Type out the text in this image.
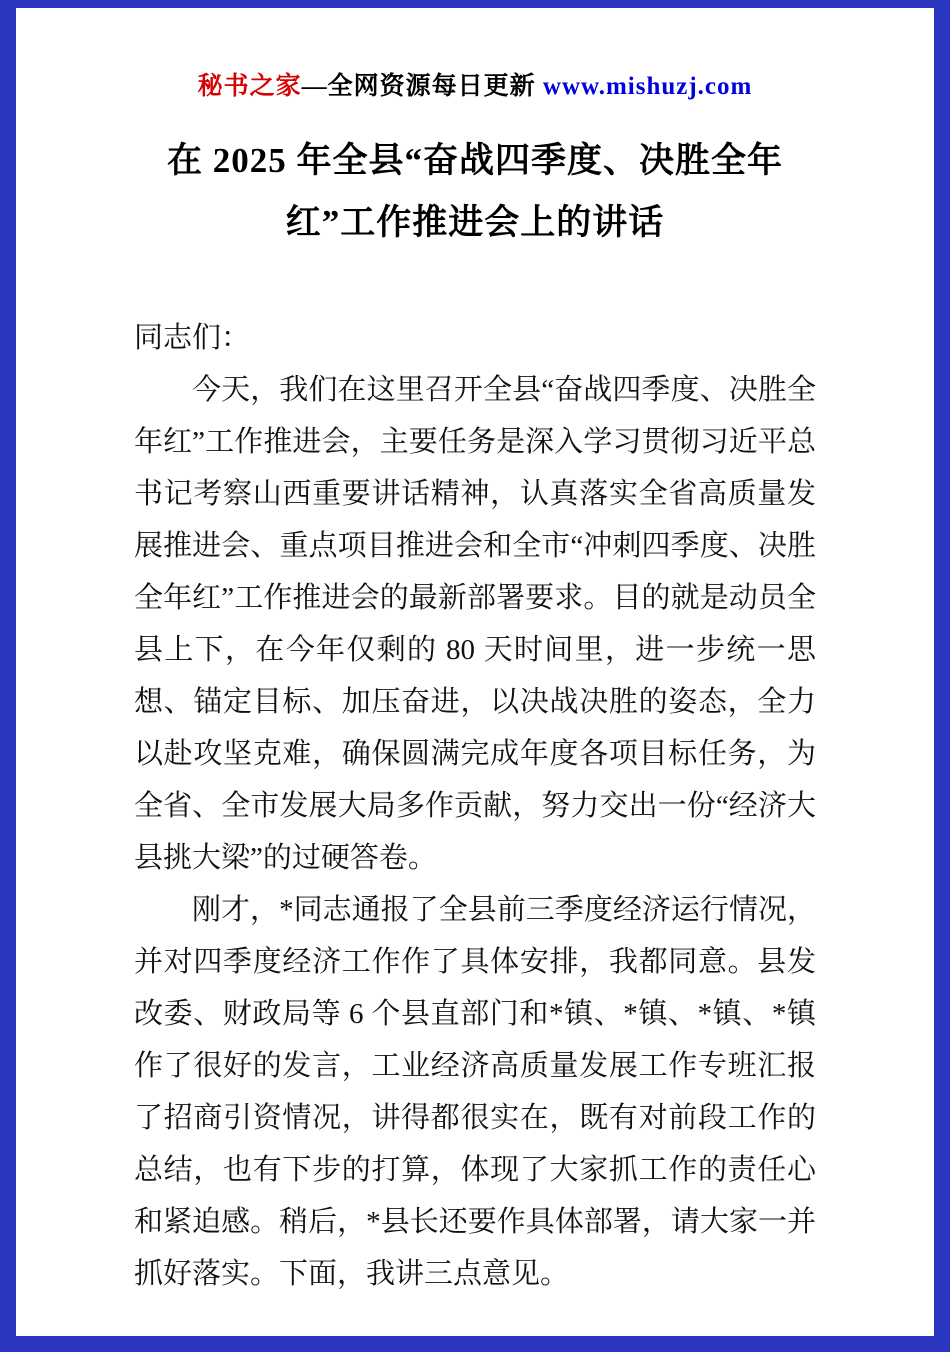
秘书之家—全网资源每日更新 www.mishuzj.com
在 2025 年全县“奋战四季度、决胜全年红”工作推进会上的讲话

同志们：

今天，我们在这里召开全县“奋战四季度、决胜全年红”工作推进会，主要任务是深入学习贯彻习近平总书记考察山西重要讲话精神，认真落实全省高质量发展推进会、重点项目推进会和全市“冲刺四季度、决胜全年红”工作推进会的最新部署要求。目的就是动员全县上下，在今年仅剩的 80 天时间里，进一步统一思想、锚定目标、加压奋进，以决战决胜的姿态，全力以赴攻坚克难，确保圆满完成年度各项目标任务，为全省、全市发展大局多作贡献，努力交出一份“经济大县挑大梁”的过硬答卷。

刚才，*同志通报了全县前三季度经济运行情况，并对四季度经济工作作了具体安排，我都同意。县发改委、财政局等 6 个县直部门和*镇、*镇、*镇、*镇作了很好的发言，工业经济高质量发展工作专班汇报了招商引资情况，讲得都很实在，既有对前段工作的总结，也有下步的打算，体现了大家抓工作的责任心和紧迫感。稍后，*县长还要作具体部署，请大家一并抓好落实。下面，我讲三点意见。
